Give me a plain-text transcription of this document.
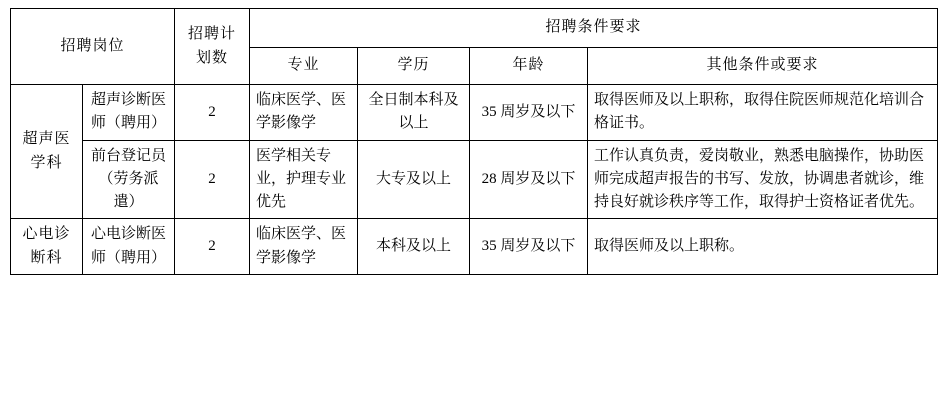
招聘岗位		招聘计划数	招聘条件要求			
			专业	学历	年龄	其他条件或要求
超声医学科	超声诊断医师（聘用）	2	临床医学、医学影像学	全日制本科及以上	35 周岁及以下	取得医师及以上职称，取得住院医师规范化培训合格证书。
	前台登记员（劳务派遣）	2	医学相关专业，护理专业优先	大专及以上	28 周岁及以下	工作认真负责，爱岗敬业，熟悉电脑操作，协助医师完成超声报告的书写、发放，协调患者就诊，维持良好就诊秩序等工作，取得护士资格证者优先。
心电诊断科	心电诊断医师（聘用）	2	临床医学、医学影像学	本科及以上	35 周岁及以下	取得医师及以上职称。
